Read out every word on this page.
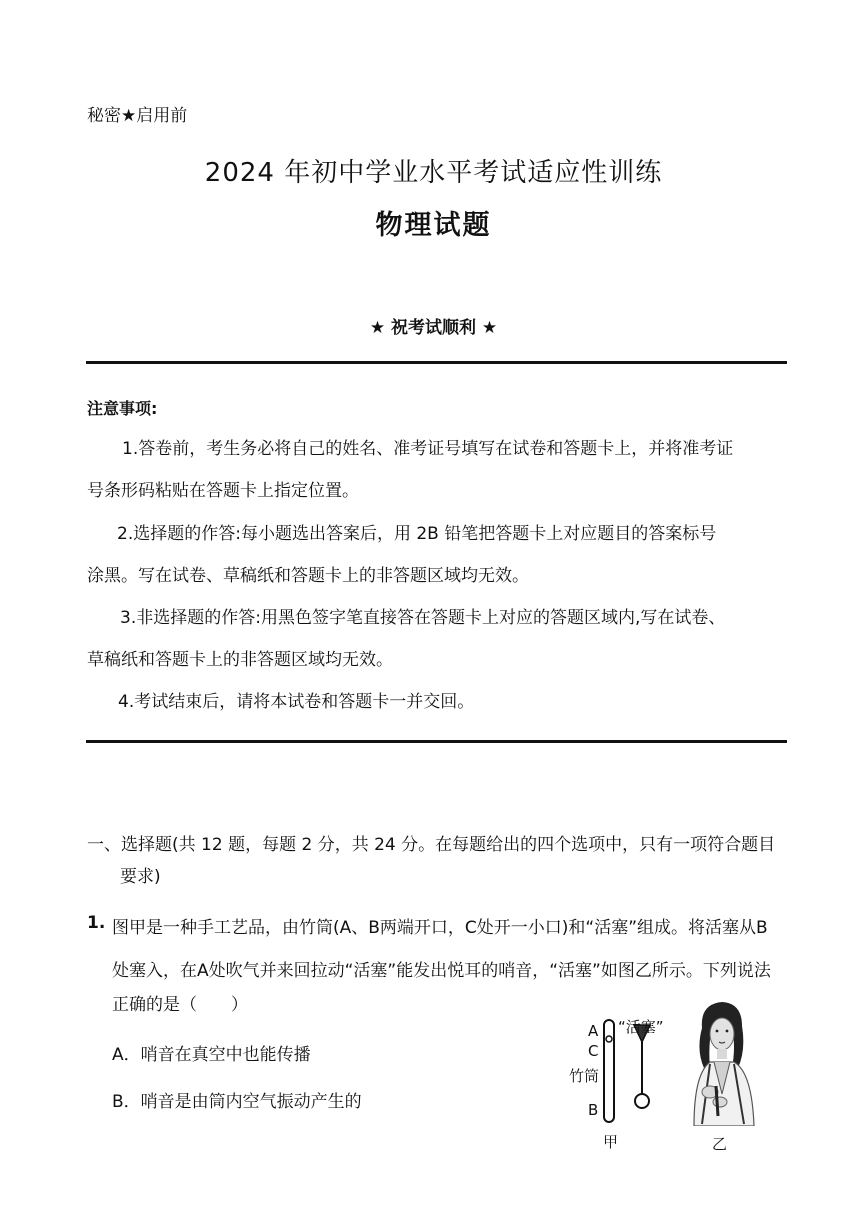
秘密★启用前
2024 年初中学业水平考试适应性训练
物理试题
★ 祝考试顺利 ★
注意事项:
1.答卷前，考生务必将自己的姓名、准考证号填写在试卷和答题卡上，并将准考证
号条形码粘贴在答题卡上指定位置。
2.选择题的作答:每小题选出答案后，用 2B 铅笔把答题卡上对应题目的答案标号
涂黑。写在试卷、草稿纸和答题卡上的非答题区域均无效。
3.非选择题的作答:用黑色签字笔直接答在答题卡上对应的答题区域内,写在试卷、
草稿纸和答题卡上的非答题区域均无效。
4.考试结束后，请将本试卷和答题卡一并交回。
一、选择题(共 12 题，每题 2 分，共 24 分。在每题给出的四个选项中，只有一项符合题目
要求)
1. 图甲是一种手工艺品，由竹筒(A、B两端开口，C处开一小口)和“活塞”组成。将活塞从B
处塞入，在A处吹气并来回拉动“活塞”能发出悦耳的哨音，“活塞”如图乙所示。下列说法
正确的是（　　）
A．哨音在真空中也能传播
B．哨音是由筒内空气振动产生的
A
C
竹筒
B
“活塞”
甲	乙
